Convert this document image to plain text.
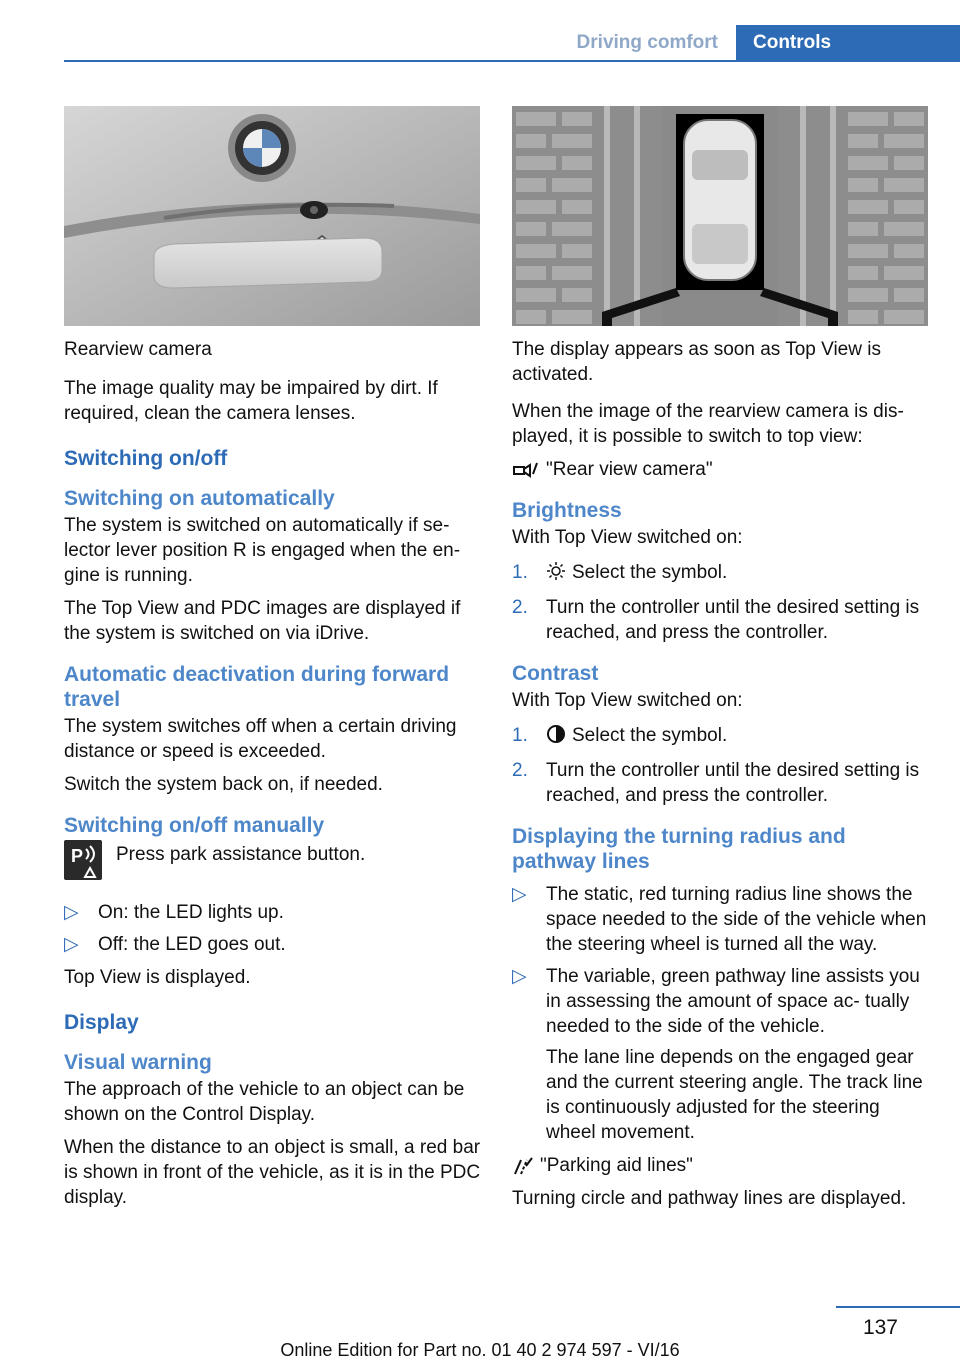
Driving comfort	Controls

Rearview camera

The image quality may be impaired by dirt. If required, clean the camera lenses.

Switching on/off
Switching on automatically

The system is switched on automatically if se‐ lector lever position R is engaged when the en‐ gine is running.

The Top View and PDC images are displayed if the system is switched on via iDrive.

Automatic deactivation during forward travel

The system switches off when a certain driving distance or speed is exceeded.

Switch the system back on, if needed.

Switching on/off manually
P Press park assistance button.
▷ On: the LED lights up.
▷ Off: the LED goes out.

Top View is displayed.

Display
Visual warning

The approach of the vehicle to an object can be shown on the Control Display.

When the distance to an object is small, a red bar is shown in front of the vehicle, as it is in the PDC display.

The display appears as soon as Top View is activated.

When the image of the rearview camera is dis‐ played, it is possible to switch to top view:

"Rear view camera"
Brightness

With Top View switched on:

1. Select the symbol.
2. Turn the controller until the desired setting is reached, and press the controller.
Contrast

With Top View switched on:

1. Select the symbol.
2. Turn the controller until the desired setting is reached, and press the controller.
Displaying the turning radius and pathway lines
▷ The static, red turning radius line shows the space needed to the side of the vehicle when the steering wheel is turned all the way.
▷ The variable, green pathway line assists you in assessing the amount of space ac‐ tually needed to the side of the vehicle.

The lane line depends on the engaged gear and the current steering angle. The track line is continuously adjusted for the steering wheel movement.

"Parking aid lines"

Turning circle and pathway lines are displayed.

137
Online Edition for Part no. 01 40 2 974 597 - VI/16
